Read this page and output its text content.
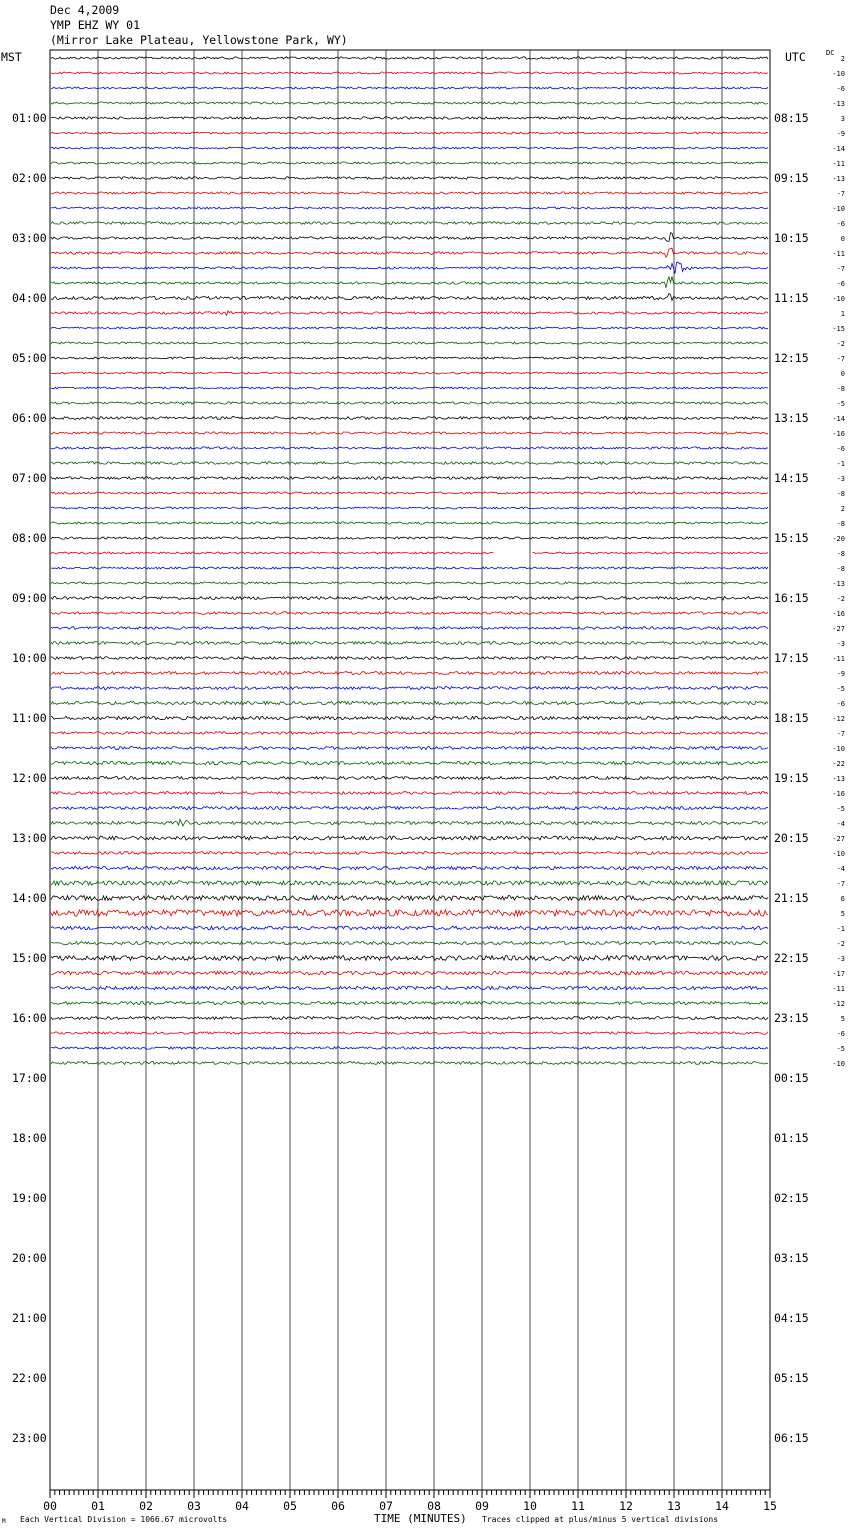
Dec 4,2009
YMP EHZ WY 01
(Mirror Lake Plateau, Yellowstone Park, WY)
MST	UTC	DC
2
-10
-6
-13
3
-9
-14
-11
-13
-7
-10
-6
0
-11
-7
-6
-10
1
-15
-2
-7
0
-8
-5
-14
-16
-6
-1
-3
-8
2
-8
-20
-8
-8
-13
-2
-16
-27
-3
-11
-9
-5
-6
-12
-7
-10
-22
-13
-16
-5
-4
-27
-10
-4
-7
6
5
-1
-2
-3
-17
-11
-12
5
-6
-5
-10
01:00	08:15
02:00	09:15
03:00	10:15
04:00	11:15
05:00	12:15
06:00	13:15
07:00	14:15
08:00	15:15
09:00	16:15
10:00	17:15
11:00	18:15
12:00	19:15
13:00	20:15
14:00	21:15
15:00	22:15
16:00	23:15
17:00	00:15
18:00	01:15
19:00	02:15
20:00	03:15
21:00	04:15
22:00	05:15
23:00	06:15
00	01	02	03	04	05	06	07	08	09	10	11	12	13	14	15
M Each Vertical Division = 1066.67 microvolts	TIME (MINUTES) Traces clipped at plus/minus 5 vertical divisions
